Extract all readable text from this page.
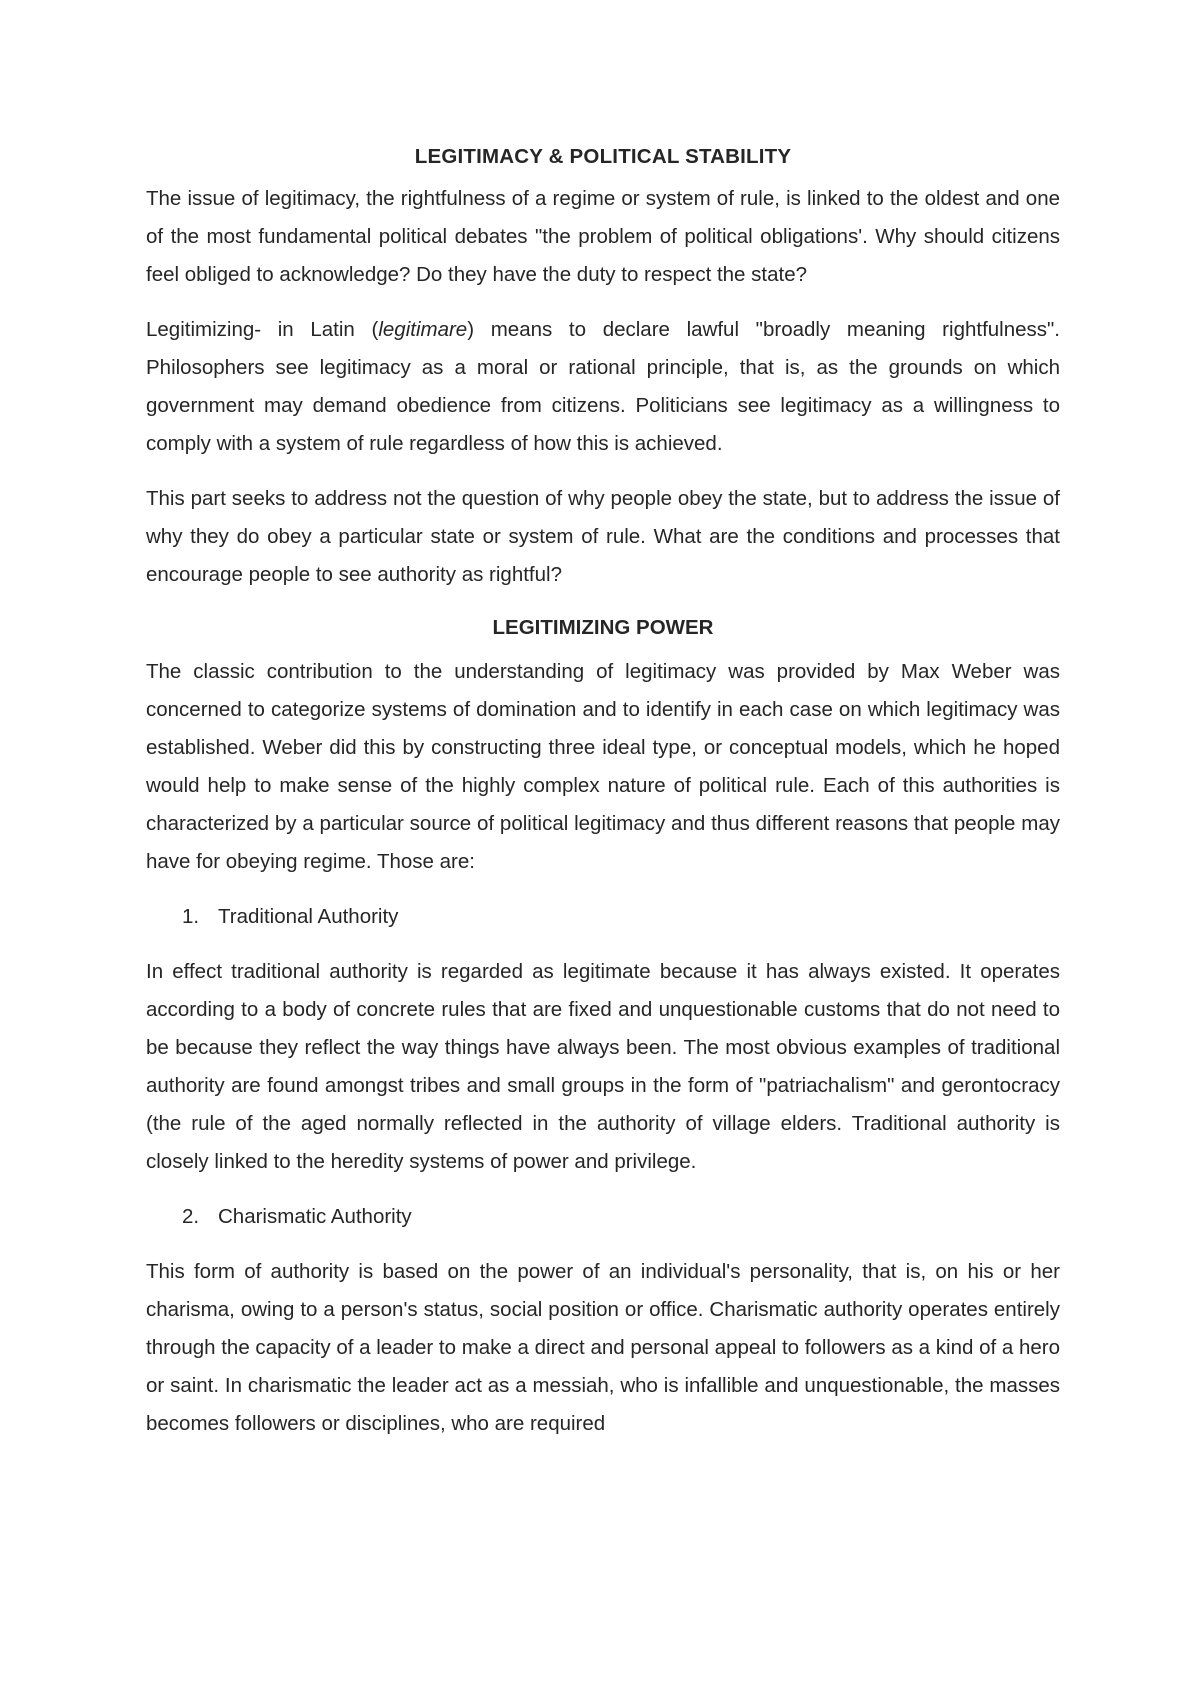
LEGITIMACY & POLITICAL STABILITY

The issue of legitimacy, the rightfulness of a regime or system of rule, is linked to the oldest and one of the most fundamental political debates "the problem of political obligations'. Why should citizens feel obliged to acknowledge? Do they have the duty to respect the state?

Legitimizing- in Latin (legitimare) means to declare lawful "broadly meaning rightfulness". Philosophers see legitimacy as a moral or rational principle, that is, as the grounds on which government may demand obedience from citizens. Politicians see legitimacy as a willingness to comply with a system of rule regardless of how this is achieved.

This part seeks to address not the question of why people obey the state, but to address the issue of why they do obey a particular state or system of rule. What are the conditions and processes that encourage people to see authority as rightful?

LEGITIMIZING POWER

The classic contribution to the understanding of legitimacy was provided by Max Weber was concerned to categorize systems of domination and to identify in each case on which legitimacy was established. Weber did this by constructing three ideal type, or conceptual models, which he hoped would help to make sense of the highly complex nature of political rule. Each of this authorities is characterized by a particular source of political legitimacy and thus different reasons that people may have for obeying regime. Those are:

1. Traditional Authority

In effect traditional authority is regarded as legitimate because it has always existed. It operates according to a body of concrete rules that are fixed and unquestionable customs that do not need to be because they reflect the way things have always been. The most obvious examples of traditional authority are found amongst tribes and small groups in the form of "patriachalism" and gerontocracy (the rule of the aged normally reflected in the authority of village elders. Traditional authority is closely linked to the heredity systems of power and privilege.

2. Charismatic Authority

This form of authority is based on the power of an individual's personality, that is, on his or her charisma, owing to a person's status, social position or office. Charismatic authority operates entirely through the capacity of a leader to make a direct and personal appeal to followers as a kind of a hero or saint. In charismatic the leader act as a messiah, who is infallible and unquestionable, the masses becomes followers or disciplines, who are required
